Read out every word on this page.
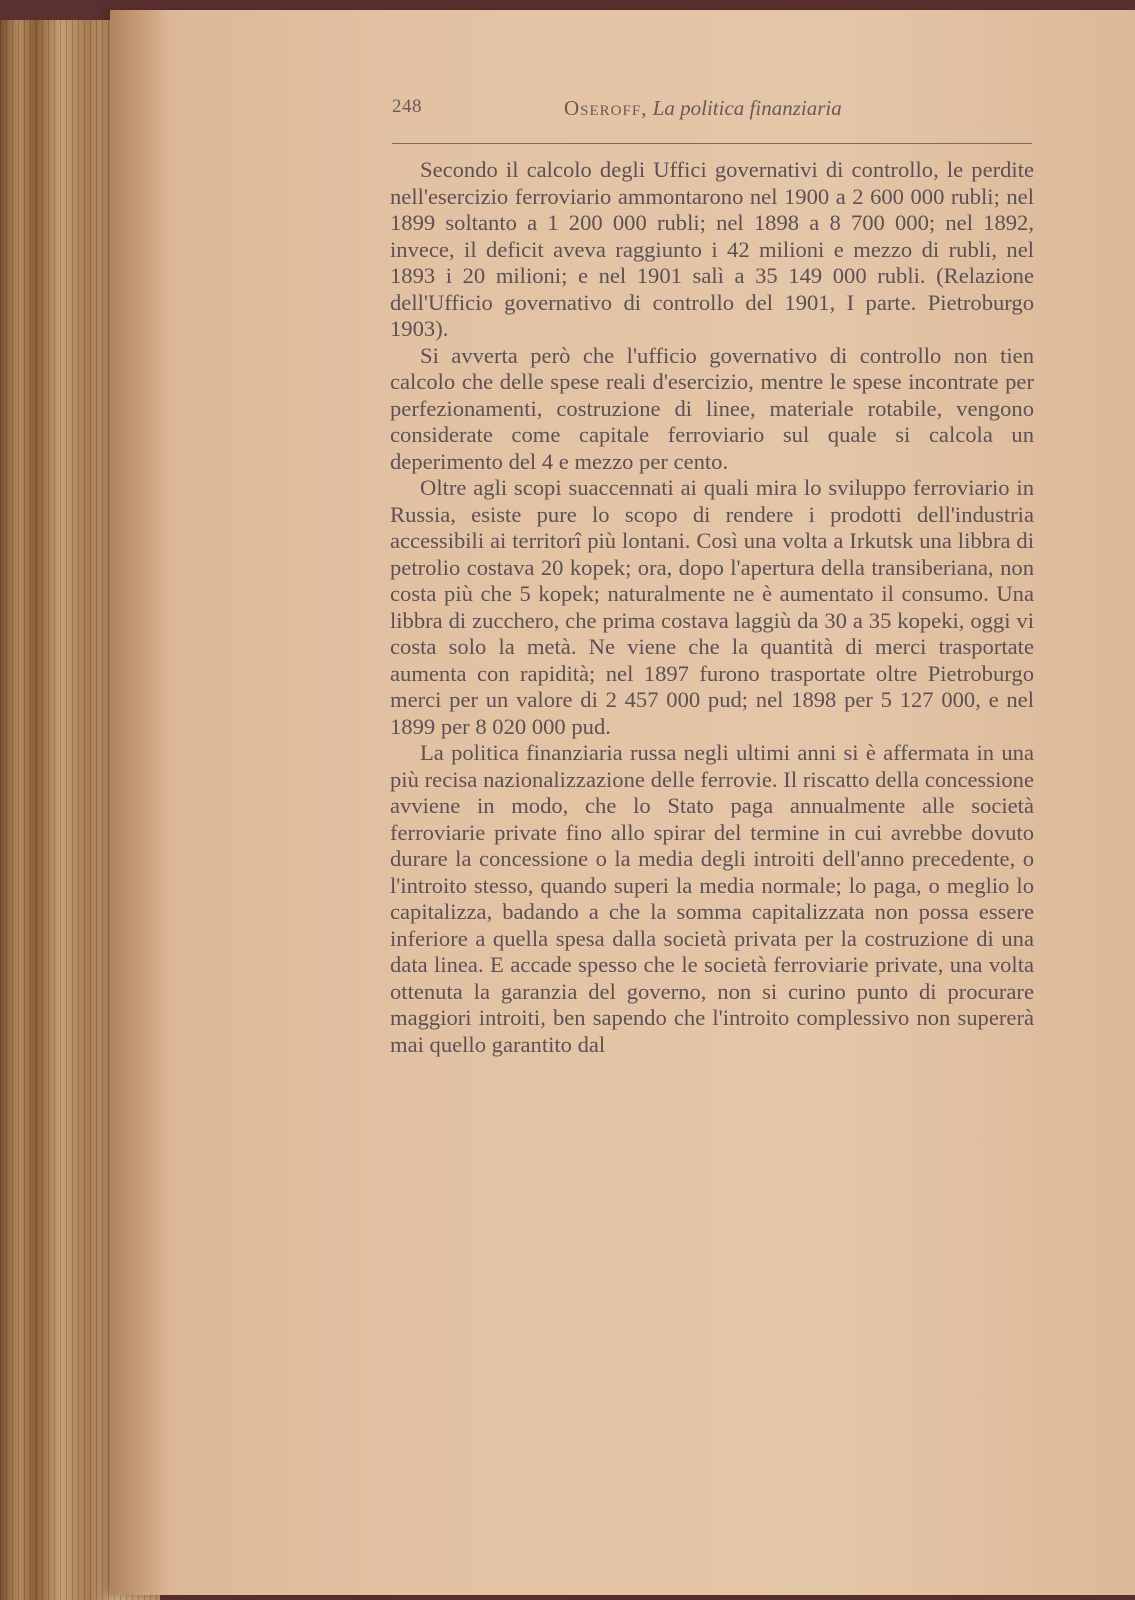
248	Oseroff, La politica finanziaria

Secondo il calcolo degli Uffici governativi di controllo, le perdite nell'esercizio ferroviario ammontarono nel 1900 a 2 600 000 rubli; nel 1899 soltanto a 1 200 000 rubli; nel 1898 a 8 700 000; nel 1892, invece, il deficit aveva raggiunto i 42 milioni e mezzo di rubli, nel 1893 i 20 milioni; e nel 1901 salì a 35 149 000 rubli. (Relazione dell'Ufficio governativo di controllo del 1901, I parte. Pietroburgo 1903).

Si avverta però che l'ufficio governativo di controllo non tien calcolo che delle spese reali d'esercizio, mentre le spese incontrate per perfezionamenti, costruzione di linee, materiale rotabile, vengono considerate come capitale ferroviario sul quale si calcola un deperimento del 4 e mezzo per cento.

Oltre agli scopi suaccennati ai quali mira lo sviluppo ferroviario in Russia, esiste pure lo scopo di rendere i prodotti dell'industria accessibili ai territorî più lontani. Così una volta a Irkutsk una libbra di petrolio costava 20 kopek; ora, dopo l'apertura della transiberiana, non costa più che 5 kopek; naturalmente ne è aumentato il consumo. Una libbra di zucchero, che prima costava laggiù da 30 a 35 kopeki, oggi vi costa solo la metà. Ne viene che la quantità di merci trasportate aumenta con rapidità; nel 1897 furono trasportate oltre Pietroburgo merci per un valore di 2 457 000 pud; nel 1898 per 5 127 000, e nel 1899 per 8 020 000 pud.

La politica finanziaria russa negli ultimi anni si è affermata in una più recisa nazionalizzazione delle ferrovie. Il riscatto della concessione avviene in modo, che lo Stato paga annualmente alle società ferroviarie private fino allo spirar del termine in cui avrebbe dovuto durare la concessione o la media degli introiti dell'anno precedente, o l'introito stesso, quando superi la media normale; lo paga, o meglio lo capitalizza, badando a che la somma capitalizzata non possa essere inferiore a quella spesa dalla società privata per la costruzione di una data linea. E accade spesso che le società ferroviarie private, una volta ottenuta la garanzia del governo, non si curino punto di procurare maggiori introiti, ben sapendo che l'introito complessivo non supererà mai quello garantito dal
